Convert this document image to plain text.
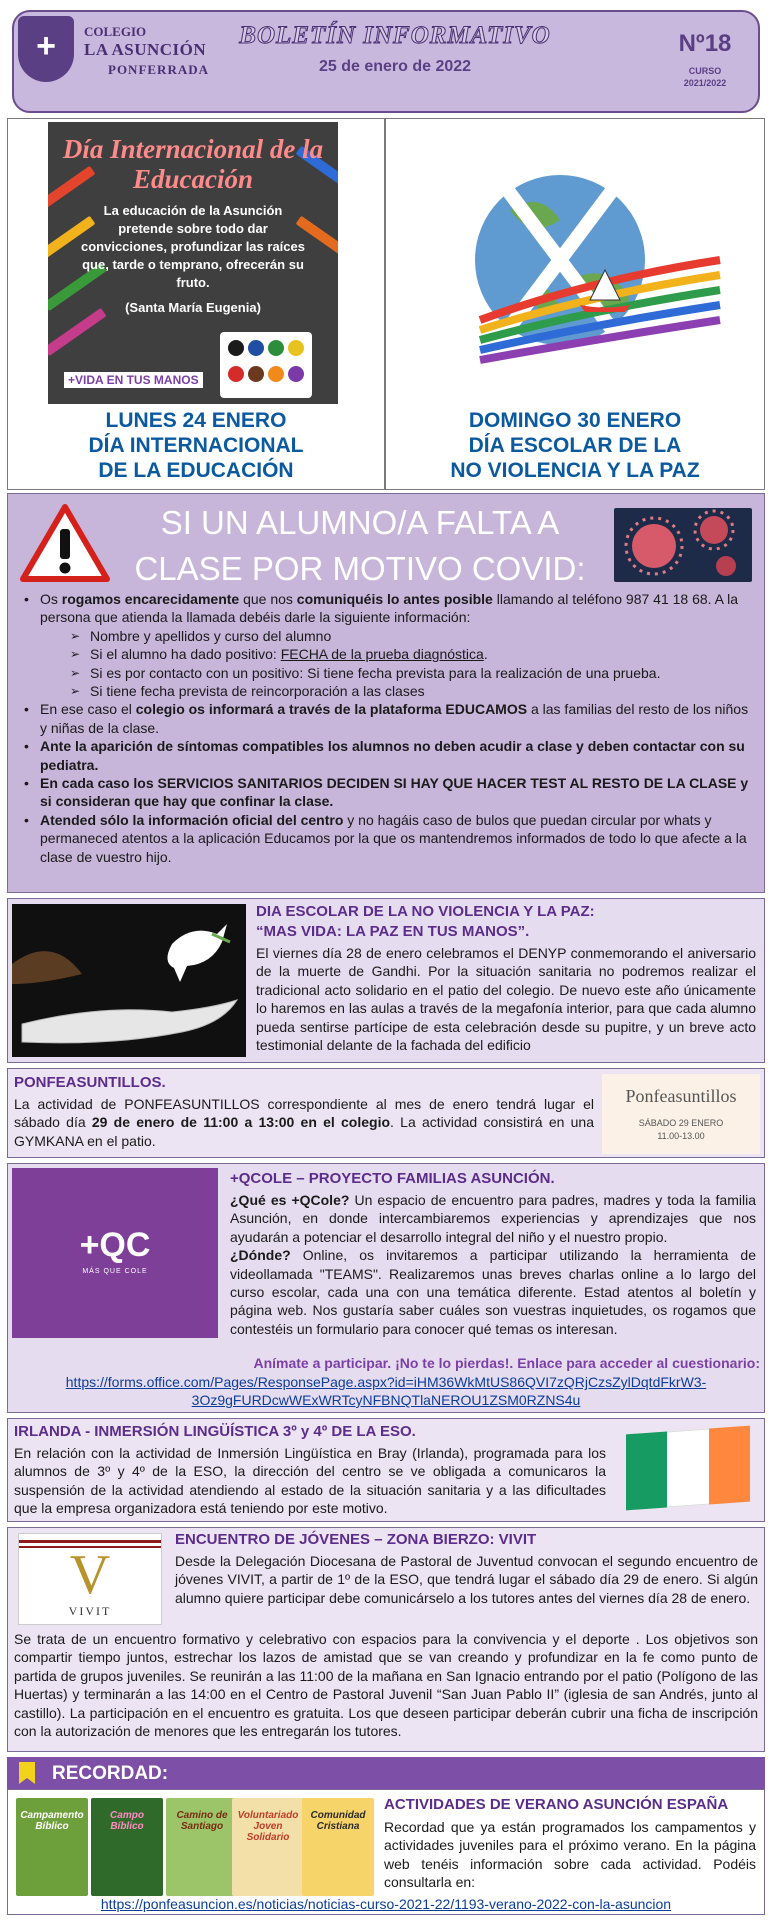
+	COLEGIO
LA ASUNCIÓN
PONFERRADA
BOLETÍN INFORMATIVO
25 de enero de 2022
Nº18
CURSO
2021/2022
Día Internacional de la Educación
La educación de la Asunción pretende sobre todo dar convicciones, profundizar las raíces que, tarde o temprano, ofrecerán su fruto.
(Santa María Eugenia)
+VIDA EN TUS MANOS
LUNES 24 ENERO
DÍA INTERNACIONAL
DE LA EDUCACIÓN
DOMINGO 30 ENERO
DÍA ESCOLAR DE LA
NO VIOLENCIA Y LA PAZ
SI UN ALUMNO/A FALTA A
CLASE POR MOTIVO COVID:
• Os rogamos encarecidamente que nos comuniquéis lo antes posible llamando al teléfono 987 41 18 68. A la persona que atienda la llamada debéis darle la siguiente información:
➢ Nombre y apellidos y curso del alumno
➢ Si el alumno ha dado positivo: FECHA de la prueba diagnóstica.
➢ Si es por contacto con un positivo: Si tiene fecha prevista para la realización de una prueba.
➢ Si tiene fecha prevista de reincorporación a las clases
• En ese caso el colegio os informará a través de la plataforma EDUCAMOS a las familias del resto de los niños y niñas de la clase.
• Ante la aparición de síntomas compatibles los alumnos no deben acudir a clase y deben contactar con su pediatra.
• En cada caso los SERVICIOS SANITARIOS DECIDEN SI HAY QUE HACER TEST AL RESTO DE LA CLASE y si consideran que hay que confinar la clase.
• Atended sólo la información oficial del centro y no hagáis caso de bulos que puedan circular por whats y permaneced atentos a la aplicación Educamos por la que os mantendremos informados de todo lo que afecte a la clase de vuestro hijo.
DIA ESCOLAR DE LA NO VIOLENCIA Y LA PAZ:
“MAS VIDA: LA PAZ EN TUS MANOS”.
El viernes día 28 de enero celebramos el DENYP conmemorando el aniversario de la muerte de Gandhi. Por la situación sanitaria no podremos realizar el tradicional acto solidario en el patio del colegio. De nuevo este año únicamente lo haremos en las aulas a través de la megafonía interior, para que cada alumno pueda sentirse partícipe de esta celebración desde su pupitre, y un breve acto testimonial delante de la fachada del edificio
PONFEASUNTILLOS.
La actividad de PONFEASUNTILLOS correspondiente al mes de enero tendrá lugar el sábado día 29 de enero de 11:00 a 13:00 en el colegio. La actividad consistirá en una GYMKANA en el patio.
Ponfeasuntillos
SÁBADO 29 ENERO
11.00-13.00
+QC
MÁS QUE COLE
+QCOLE – PROYECTO FAMILIAS ASUNCIÓN.
¿Qué es +QCole? Un espacio de encuentro para padres, madres y toda la familia Asunción, en donde intercambiaremos experiencias y aprendizajes que nos ayudarán a potenciar el desarrollo integral del niño y el nuestro propio.
¿Dónde? Online, os invitaremos a participar utilizando la herramienta de videollamada "TEAMS". Realizaremos unas breves charlas online a lo largo del curso escolar, cada una con una temática diferente. Estad atentos al boletín y página web. Nos gustaría saber cuáles son vuestras inquietudes, os rogamos que contestéis un formulario para conocer qué temas os interesan.
Anímate a participar. ¡No te lo pierdas!. Enlace para acceder al cuestionario:
https://forms.office.com/Pages/ResponsePage.aspx?id=iHM36WkMtUS86QVI7zQRjCzsZylDqtdFkrW3-
3Oz9gFURDcwWExWRTcyNFBNQTlaNEROU1ZSM0RZNS4u
IRLANDA - INMERSIÓN LINGÜÍSTICA 3º y 4º DE LA ESO.
En relación con la actividad de Inmersión Lingüística en Bray (Irlanda), programada para los alumnos de 3º y 4º de la ESO, la dirección del centro se ve obligada a comunicaros la suspensión de la actividad atendiendo al estado de la situación sanitaria y a las dificultades que la empresa organizadora está teniendo por este motivo.
V
VIVIT
ENCUENTRO DE JÓVENES – ZONA BIERZO: VIVIT
Desde la Delegación Diocesana de Pastoral de Juventud convocan el segundo encuentro de jóvenes VIVIT, a partir de 1º de la ESO, que tendrá lugar el sábado día 29 de enero. Si algún alumno quiere participar debe comunicárselo a los tutores antes del viernes día 28 de enero.
Se trata de un encuentro formativo y celebrativo con espacios para la convivencia y el deporte . Los objetivos son compartir tiempo juntos, estrechar los lazos de amistad que se van creando y profundizar en la fe como punto de partida de grupos juveniles. Se reunirán a las 11:00 de la mañana en San Ignacio entrando por el patio (Polígono de las Huertas) y terminarán a las 14:00 en el Centro de Pastoral Juvenil “San Juan Pablo II” (iglesia de san Andrés, junto al castillo). La participación en el encuentro es gratuita. Los que deseen participar deberán cubrir una ficha de inscripción con la autorización de menores que les entregarán los tutores.
RECORDAD:
Campamento Bíblico
Campo Bíblico
Camino de Santiago
Voluntariado Joven Solidario
Comunidad Cristiana
ACTIVIDADES DE VERANO ASUNCIÓN ESPAÑA
Recordad que ya están programados los campamentos y actividades juveniles para el próximo verano. En la página web tenéis información sobre cada actividad. Podéis consultarla en:
https://ponfeasuncion.es/noticias/noticias-curso-2021-22/1193-verano-2022-con-la-asuncion
